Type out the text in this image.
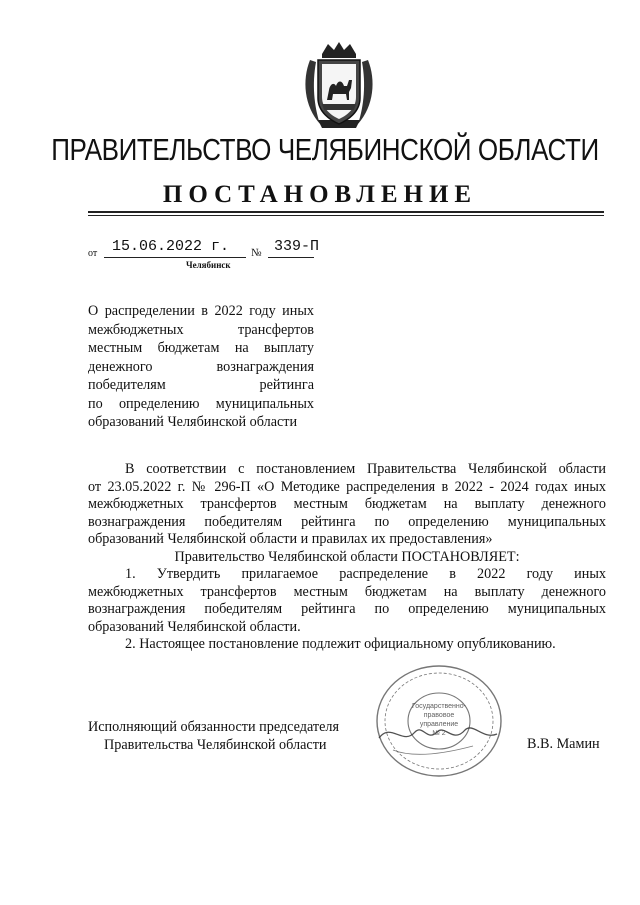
ПРАВИТЕЛЬСТВО ЧЕЛЯБИНСКОЙ ОБЛАСТИ
ПОСТАНОВЛЕНИЕ
от 15.06.2022 г. № 339-П
Челябинск
О распределении в 2022 году иных
межбюджетных трансфертов
местным бюджетам на выплату
денежного вознаграждения
победителям рейтинга
по определению муниципальных
образований Челябинской области
В соответствии с постановлением Правительства Челябинской области
от 23.05.2022 г. № 296-П «О Методике распределения в 2022 - 2024 годах иных
межбюджетных трансфертов местным бюджетам на выплату денежного
вознаграждения победителям рейтинга по определению муниципальных
образований Челябинской области и правилах их предоставления»
Правительство Челябинской области ПОСТАНОВЛЯЕТ:
1. Утвердить прилагаемое распределение в 2022 году иных
межбюджетных трансфертов местным бюджетам на выплату денежного
вознаграждения победителям рейтинга по определению муниципальных
образований Челябинской области.
2. Настоящее постановление подлежит официальному опубликованию.
Исполняющий обязанности председателя
Правительства Челябинской области
Государственно-
правовое
управление
№ 2
В.В. Мамин
